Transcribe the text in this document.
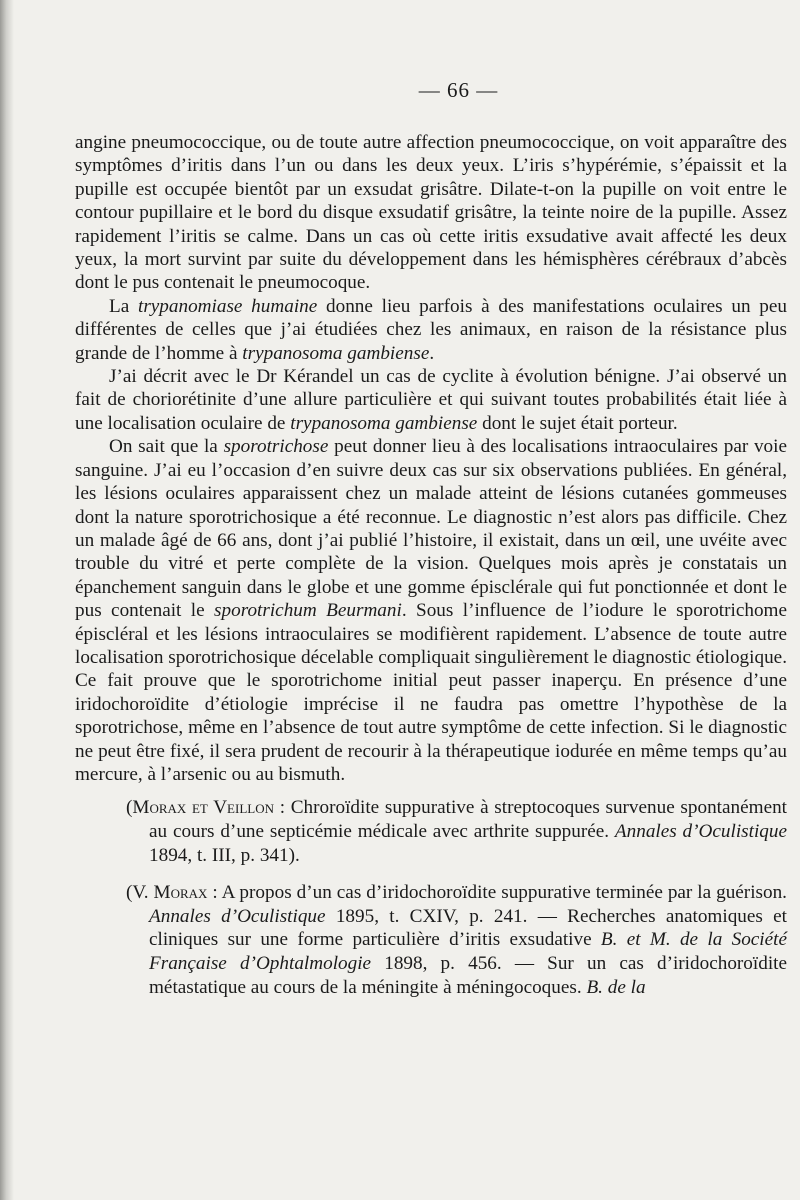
— 66 —

angine pneumococcique, ou de toute autre affection pneumococcique, on voit apparaître des symptômes d’iritis dans l’un ou dans les deux yeux. L’iris s’hypérémie, s’épaissit et la pupille est occupée bientôt par un exsudat grisâtre. Dilate-t-on la pupille on voit entre le contour pupillaire et le bord du disque exsudatif grisâtre, la teinte noire de la pupille. Assez rapidement l’iritis se calme. Dans un cas où cette iritis exsudative avait affecté les deux yeux, la mort survint par suite du développement dans les hémisphères cérébraux d’abcès dont le pus contenait le pneumocoque.

La trypanomiase humaine donne lieu parfois à des manifestations oculaires un peu différentes de celles que j’ai étudiées chez les animaux, en raison de la résistance plus grande de l’homme à trypanosoma gambiense.

J’ai décrit avec le Dr Kérandel un cas de cyclite à évolution bénigne. J’ai observé un fait de choriorétinite d’une allure particulière et qui suivant toutes probabilités était liée à une localisation oculaire de trypanosoma gambiense dont le sujet était porteur.

On sait que la sporotrichose peut donner lieu à des localisations intraoculaires par voie sanguine. J’ai eu l’occasion d’en suivre deux cas sur six observations publiées. En général, les lésions oculaires apparaissent chez un malade atteint de lésions cutanées gommeuses dont la nature sporotrichosique a été reconnue. Le diagnostic n’est alors pas difficile. Chez un malade âgé de 66 ans, dont j’ai publié l’histoire, il existait, dans un œil, une uvéite avec trouble du vitré et perte complète de la vision. Quelques mois après je constatais un épanchement sanguin dans le globe et une gomme épisclérale qui fut ponctionnée et dont le pus contenait le sporotrichum Beurmani. Sous l’influence de l’iodure le sporotrichome épiscléral et les lésions intraoculaires se modifièrent rapidement. L’absence de toute autre localisation sporotrichosique décelable compliquait singulièrement le diagnostic étiologique. Ce fait prouve que le sporotrichome initial peut passer inaperçu. En présence d’une iridochoroïdite d’étiologie imprécise il ne faudra pas omettre l’hypothèse de la sporotrichose, même en l’absence de tout autre symptôme de cette infection. Si le diagnostic ne peut être fixé, il sera prudent de recourir à la thérapeutique iodurée en même temps qu’au mercure, à l’arsenic ou au bismuth.

(Morax et Veillon : Chroroïdite suppurative à streptocoques survenue spontanément au cours d’une septicémie médicale avec arthrite suppurée. Annales d’Oculistique 1894, t. III, p. 341).
(V. Morax : A propos d’un cas d’iridochoroïdite suppurative terminée par la guérison. Annales d’Oculistique 1895, t. CXIV, p. 241. — Recherches anatomiques et cliniques sur une forme particulière d’iritis exsudative B. et M. de la Société Française d’Ophtalmologie 1898, p. 456. — Sur un cas d’iridochoroïdite métastatique au cours de la méningite à méningocoques. B. de la
